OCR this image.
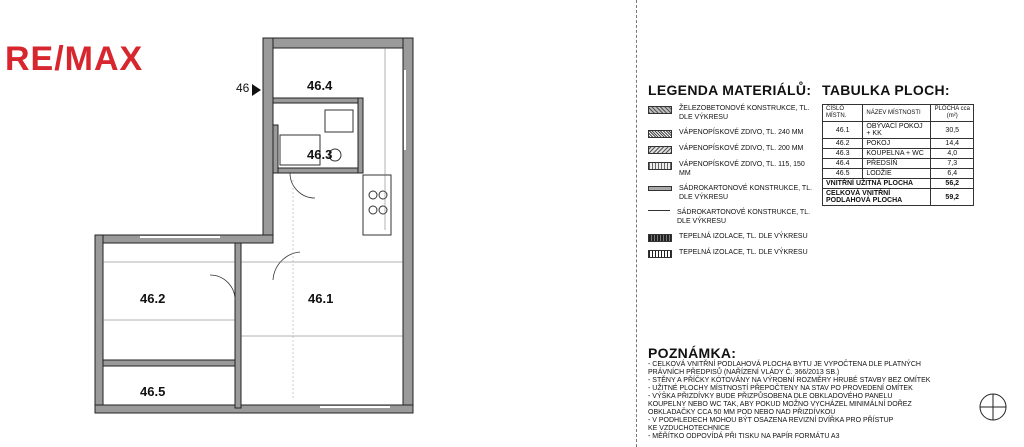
RE/MAX
46	46.4
46.3
46.2	46.1
46.5
LEGENDA MATERIÁLŮ:
ŽELEZOBETONOVÉ KONSTRUKCE, TL. DLE VÝKRESU
VÁPENOPÍSKOVÉ ZDIVO, TL. 240 MM
VÁPENOPÍSKOVÉ ZDIVO, TL. 200 MM
VÁPENOPÍSKOVÉ ZDIVO, TL. 115, 150 MM
SÁDROKARTONOVÉ KONSTRUKCE, TL. DLE VÝKRESU
SÁDROKARTONOVÉ KONSTRUKCE, TL. DLE VÝKRESU
TEPELNÁ IZOLACE, TL. DLE VÝKRESU
TEPELNÁ IZOLACE, TL. DLE VÝKRESU
TABULKA PLOCH:
ČÍSLO MÍSTN.	NÁZEV MÍSTNOSTI	PLOCHA cca (m²)
46.1	OBÝVACÍ POKOJ + KK	30,5
46.2	POKOJ	14,4
46.3	KOUPELNA + WC	4,0
46.4	PŘEDSÍŇ	7,3
46.5	LODŽIE	6,4
VNITŘNÍ UŽITNÁ PLOCHA		56,2
CELKOVÁ VNITŘNÍ PODLAHOVÁ PLOCHA		59,2
POZNÁMKA:
- CELKOVÁ VNITŘNÍ PODLAHOVÁ PLOCHA BYTU JE VYPOČTENA DLE PLATNÝCH
PRÁVNÍCH PŘEDPISŮ (NAŘÍZENÍ VLÁDY Č. 366/2013 SB.)
- STĚNY A PŘÍČKY KÓTOVÁNY NA VÝROBNÍ ROZMĚRY HRUBÉ STAVBY BEZ OMÍTEK
- UŽITNÉ PLOCHY MÍSTNOSTÍ PŘEPOČTENY NA STAV PO PROVEDENÍ OMÍTEK
- VÝŠKA PŘIZDÍVKY BUDE PŘIZPŮSOBENA DLE OBKLADOVÉHO PANELU
KOUPELNY NEBO WC TAK, ABY POKUD MOŽNO VYCHÁZEL MINIMÁLNÍ DOŘEZ
OBKLADAČKY CCA 50 MM POD NEBO NAD PŘIZDÍVKOU
- V PODHLEDECH MOHOU BÝT OSAZENA REVIZNÍ DVÍŘKA PRO PŘÍSTUP
KE VZDUCHOTECHNICE
- MĚŘÍTKO ODPOVÍDÁ PŘI TISKU NA PAPÍR FORMÁTU A3
